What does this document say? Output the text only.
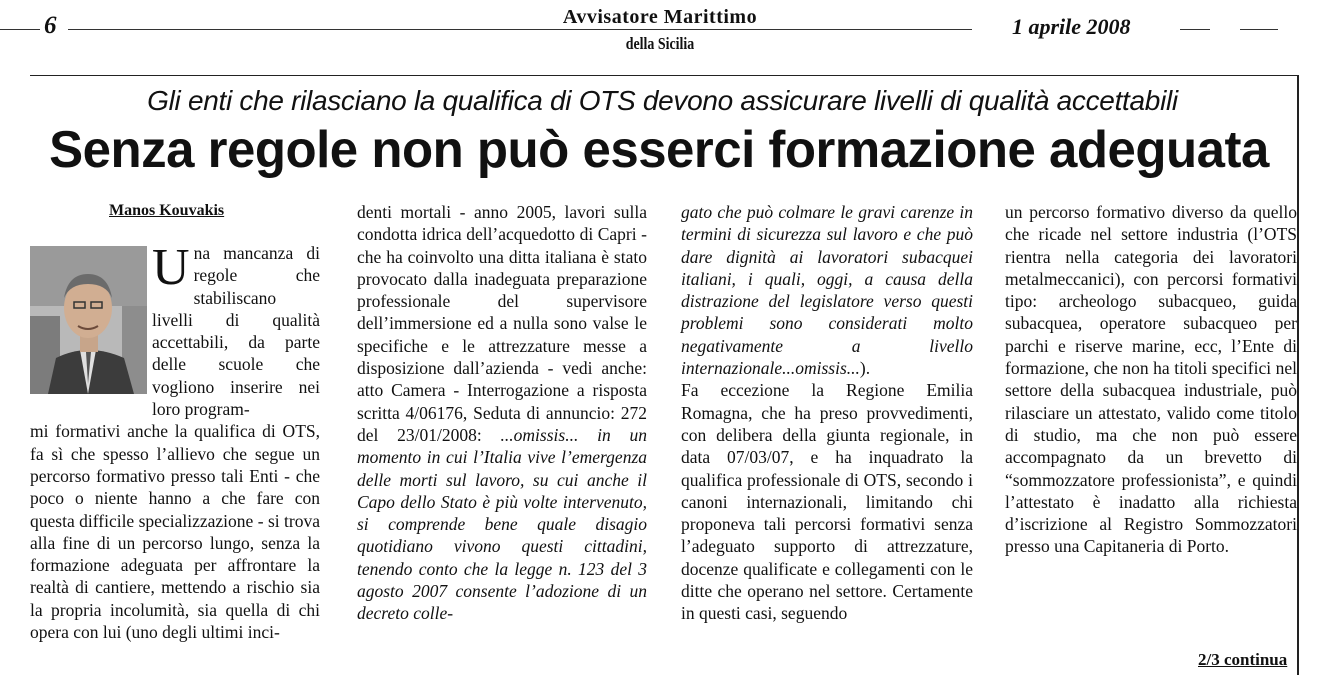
6	Avvisatore Marittimo
della Sicilia
1 aprile 2008
Gli enti che rilasciano la qualifica di OTS devono assicurare livelli di qualità accettabili
Senza regole non può esserci formazione adeguata
Manos Kouvakis
Una mancanza di regole che stabiliscano livelli di qualità accettabili, da parte delle scuole che vogliono inserire nei loro program-

mi formativi anche la qualifica di OTS, fa sì che spesso l’allievo che segue un percorso formativo presso tali Enti - che poco o niente hanno a che fare con questa difficile specializzazione - si trova alla fine di un percorso lungo, senza la formazione adeguata per affrontare la realtà di cantiere, mettendo a rischio sia la propria incolumità, sia quella di chi opera con lui (uno degli ultimi inci-

denti mortali - anno 2005, lavori sulla condotta idrica dell’acquedotto di Capri - che ha coinvolto una ditta italiana è stato provocato dalla inadeguata preparazione professionale del supervisore dell’immersione ed a nulla sono valse le specifiche e le attrezzature messe a disposizione dall’azienda - vedi anche: atto Camera - Interrogazione a risposta scritta 4/06176, Seduta di annuncio: 272 del 23/01/2008: ...omissis... in un momento in cui l’Italia vive l’emergenza delle morti sul lavoro, su cui anche il Capo dello Stato è più volte intervenuto, si comprende bene quale disagio quotidiano vivono questi cittadini, tenendo conto che la legge n. 123 del 3 agosto 2007 consente l’adozione di un decreto colle-

gato che può colmare le gravi carenze in termini di sicurezza sul lavoro e che può dare dignità ai lavoratori subacquei italiani, i quali, oggi, a causa della distrazione del legislatore verso questi problemi sono considerati molto negativamente a livello internazionale...omissis...).

Fa eccezione la Regione Emilia Romagna, che ha preso provvedimenti, con delibera della giunta regionale, in data 07/03/07, e ha inquadrato la qualifica professionale di OTS, secondo i canoni internazionali, limitando chi proponeva tali percorsi formativi senza l’adeguato supporto di attrezzature, docenze qualificate e collegamenti con le ditte che operano nel settore. Certamente in questi casi, seguendo

un percorso formativo diverso da quello che ricade nel settore industria (l’OTS rientra nella categoria dei lavoratori metalmeccanici), con percorsi formativi tipo: archeologo subacqueo, guida subacquea, operatore subacqueo per parchi e riserve marine, ecc, l’Ente di formazione, che non ha titoli specifici nel settore della subacquea industriale, può rilasciare un attestato, valido come titolo di studio, ma che non può essere accompagnato da un brevetto di “sommozzatore professionista”, e quindi l’attestato è inadatto alla richiesta d’iscrizione al Registro Sommozzatori presso una Capitaneria di Porto.

2/3 continua
